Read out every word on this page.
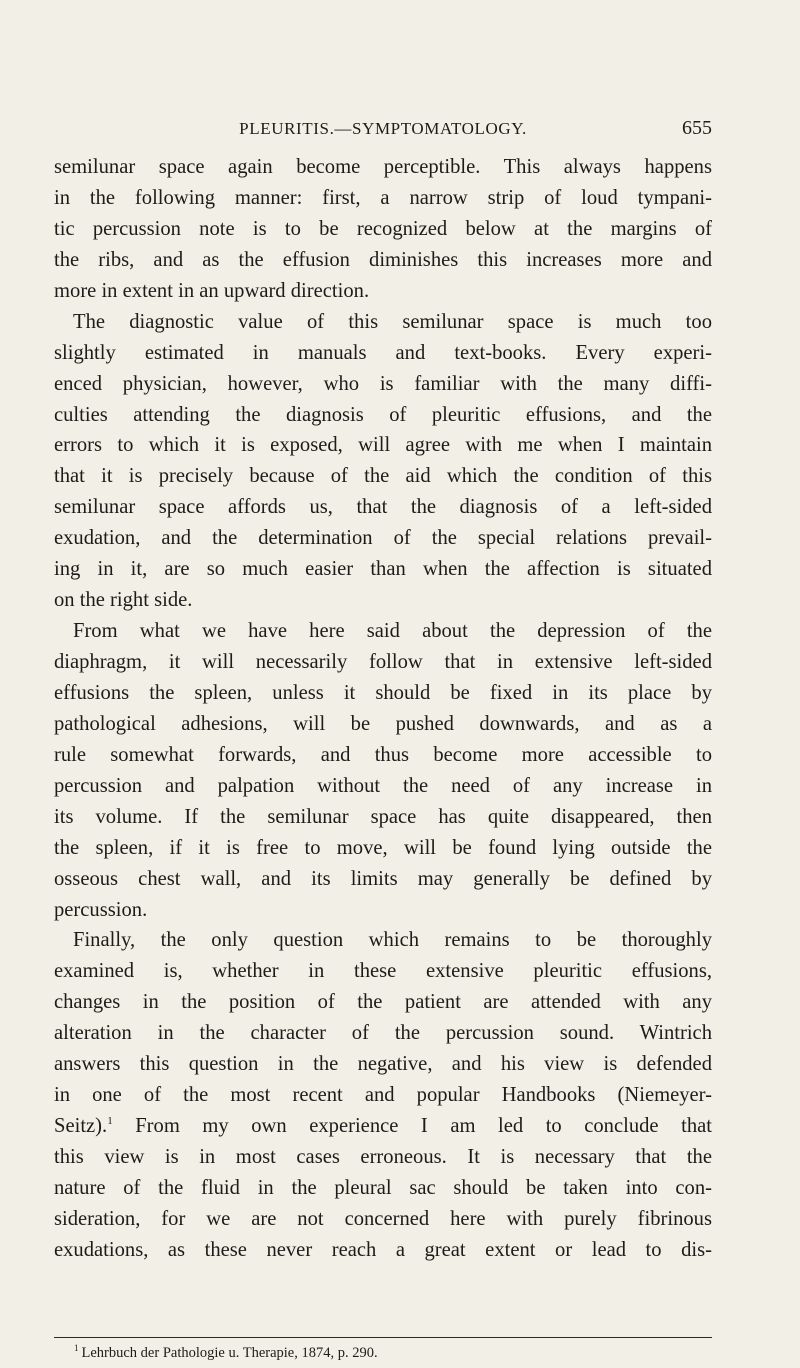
PLEURITIS.—SYMPTOMATOLOGY.	655
semilunar space again become perceptible. This always happens
in the following manner: first, a narrow strip of loud tympani-
tic percussion note is to be recognized below at the margins of
the ribs, and as the effusion diminishes this increases more and
more in extent in an upward direction.
The diagnostic value of this semilunar space is much too
slightly estimated in manuals and text-books. Every experi-
enced physician, however, who is familiar with the many diffi-
culties attending the diagnosis of pleuritic effusions, and the
errors to which it is exposed, will agree with me when I maintain
that it is precisely because of the aid which the condition of this
semilunar space affords us, that the diagnosis of a left-sided
exudation, and the determination of the special relations prevail-
ing in it, are so much easier than when the affection is situated
on the right side.
From what we have here said about the depression of the
diaphragm, it will necessarily follow that in extensive left-sided
effusions the spleen, unless it should be fixed in its place by
pathological adhesions, will be pushed downwards, and as a
rule somewhat forwards, and thus become more accessible to
percussion and palpation without the need of any increase in
its volume. If the semilunar space has quite disappeared, then
the spleen, if it is free to move, will be found lying outside the
osseous chest wall, and its limits may generally be defined by
percussion.
Finally, the only question which remains to be thoroughly
examined is, whether in these extensive pleuritic effusions,
changes in the position of the patient are attended with any
alteration in the character of the percussion sound. Wintrich
answers this question in the negative, and his view is defended
in one of the most recent and popular Handbooks (Niemeyer-
Seitz).$^1$ From my own experience I am led to conclude that
this view is in most cases erroneous. It is necessary that the
nature of the fluid in the pleural sac should be taken into con-
sideration, for we are not concerned here with purely fibrinous
exudations, as these never reach a great extent or lead to dis-
$^1$ Lehrbuch der Pathologie u. Therapie, 1874, p. 290.
